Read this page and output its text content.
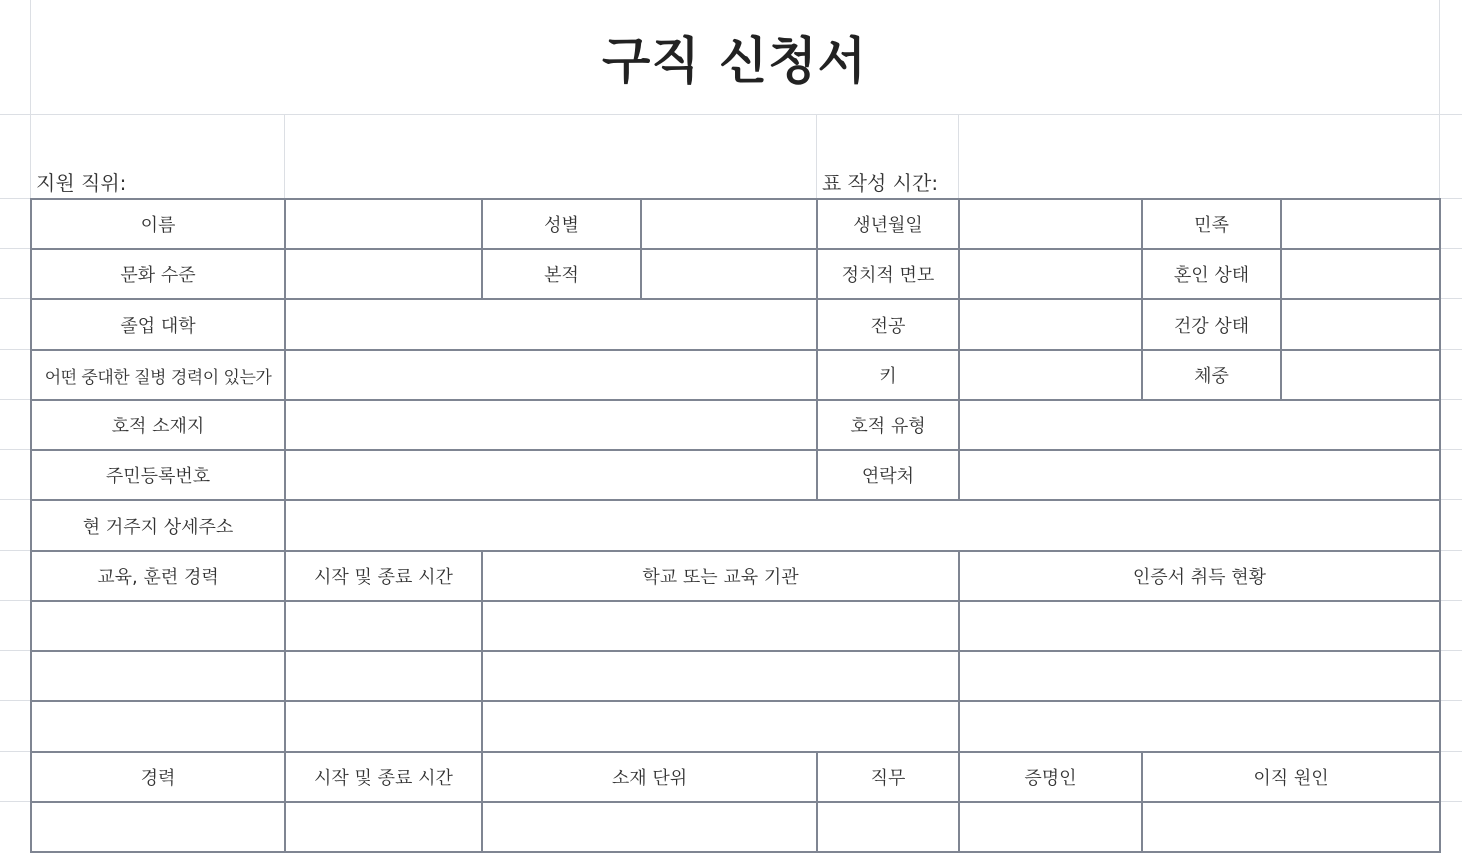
구직 신청서
지원 직위:	표 작성 시간:
이름	성별	생년월일	민족
문화 수준	본적	정치적 면모	혼인 상태
졸업 대학	전공	건강 상태
어떤 중대한 질병 경력이 있는가	키	체중
호적 소재지	호적 유형
주민등록번호	연락처
현 거주지 상세주소
교육, 훈련 경력	시작 및 종료 시간	학교 또는 교육 기관	인증서 취득 현황
경력	시작 및 종료 시간	소재 단위	직무	증명인	이직 원인
